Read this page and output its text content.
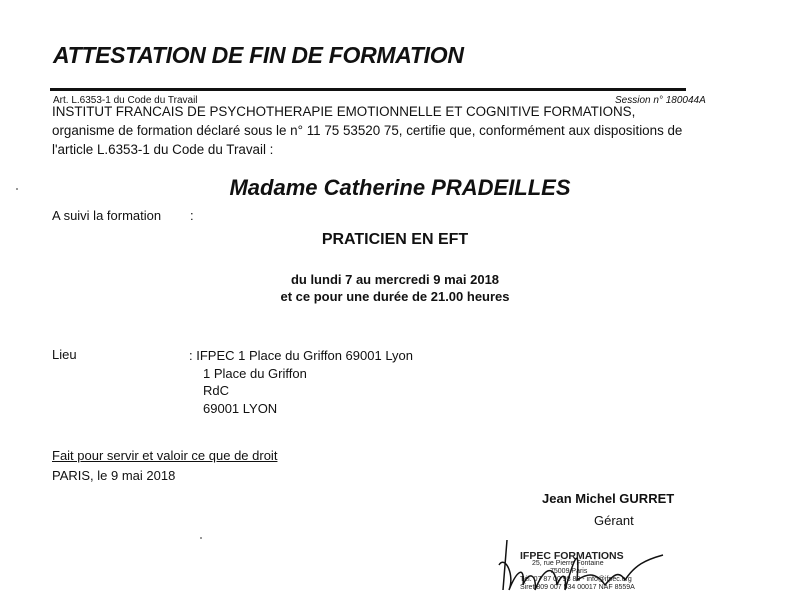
ATTESTATION DE FIN DE FORMATION
Art. L.6353-1 du Code du Travail	Session n° 180044A
INSTITUT FRANCAIS DE PSYCHOTHERAPIE EMOTIONNELLE ET COGNITIVE FORMATIONS, organisme de formation déclaré sous le n° 11 75 53520 75, certifie que, conformément aux dispositions de l'article L.6353-1 du Code du Travail :
Madame Catherine PRADEILLES
A suivi la formation :
PRATICIEN EN EFT
du lundi 7 au mercredi 9 mai 2018
et ce pour une durée de 21.00 heures
Lieu	: IFPEC 1 Place du Griffon 69001 Lyon
1 Place du Griffon
RdC
69001 LYON
Fait pour servir et valoir ce que de droit
PARIS, le 9 mai 2018
Jean Michel GURRET
Gérant
IFPEC FORMATIONS
25, rue Pierre Fontaine
75009 Paris
Tél. 07 87 00 98 83 - info@ifpec.org
Siret 809 007 534 00017 NAF 8559A
